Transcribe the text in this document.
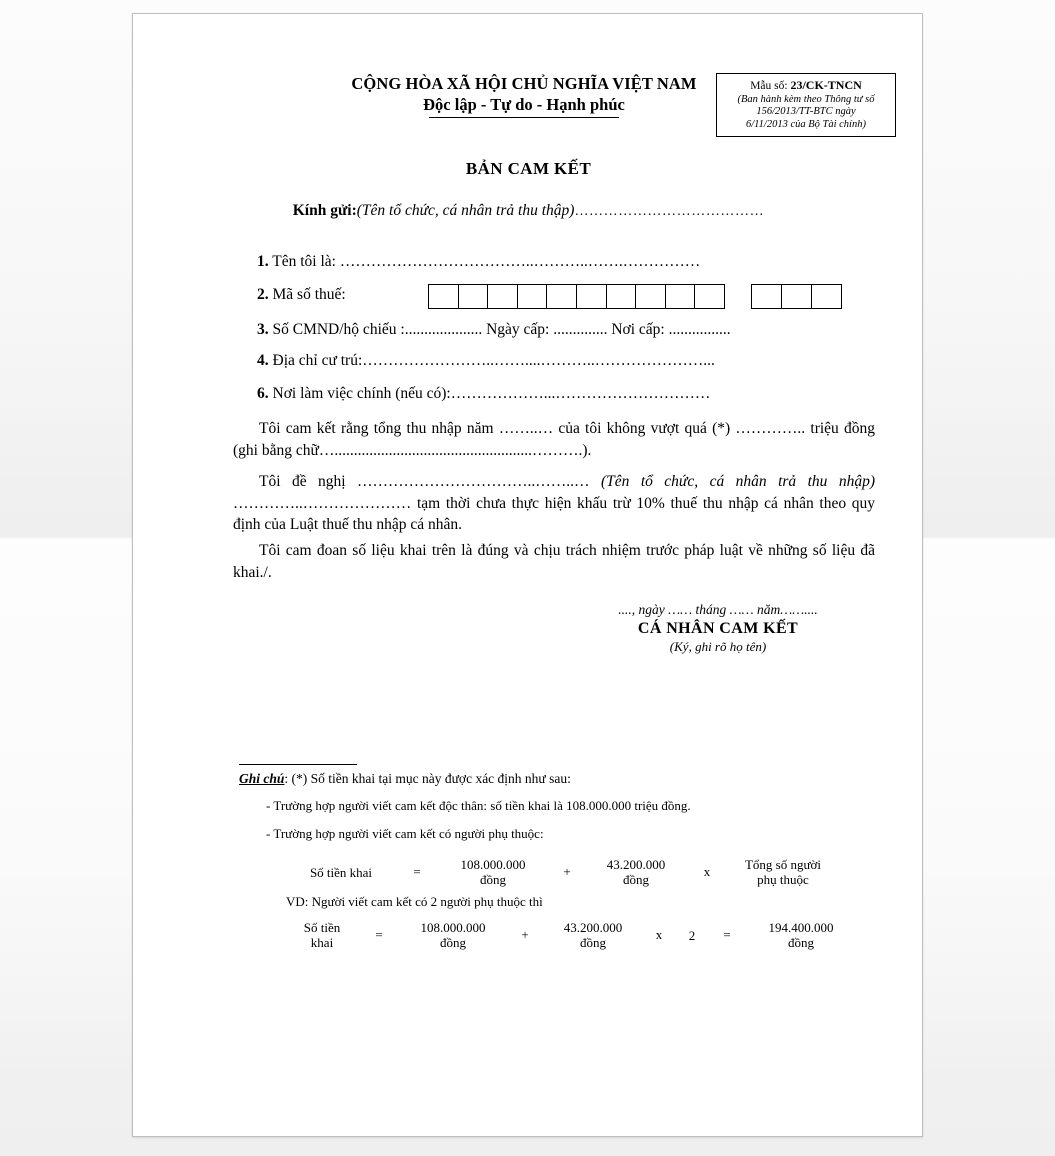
CỘNG HÒA XÃ HỘI CHỦ NGHĨA VIỆT NAM
Độc lập - Tự do - Hạnh phúc
Mẫu số: 23/CK-TNCN
(Ban hành kèm theo Thông tư số
156/2013/TT-BTC ngày
6/11/2013 của Bộ Tài chính)
BẢN CAM KẾT
Kính gửi:(Tên tổ chức, cá nhân trả thu thập)…………………………………
1. Tên tôi là: ………………………………..………..…….……………
2. Mã số thuế:
3. Số CMND/hộ chiếu :.................... Ngày cấp: .............. Nơi cấp: ................
4. Địa chỉ cư trú:……………………..……....………..…………………...
6. Nơi làm việc chính (nếu có):………………...…………………………
Tôi cam kết rằng tổng thu nhập năm ……..… của tôi không vượt quá (*) ………….. triệu đồng (ghi bằng chữ…...................................................……….).
Tôi đề nghị ……………………………..……..… (Tên tổ chức, cá nhân trả thu nhập) …………..………………… tạm thời chưa thực hiện khấu trừ 10% thuế thu nhập cá nhân theo quy định của Luật thuế thu nhập cá nhân.
Tôi cam đoan số liệu khai trên là đúng và chịu trách nhiệm trước pháp luật về những số liệu đã khai./.
...., ngày …… tháng …… năm……....
CÁ NHÂN CAM KẾT
(Ký, ghi rõ họ tên)
Ghi chú: (*) Số tiền khai tại mục này được xác định như sau:
- Trường hợp người viết cam kết độc thân: số tiền khai là 108.000.000 triệu đồng.
- Trường hợp người viết cam kết có người phụ thuộc:
Số tiền khai	=	108.000.000
đồng
+	43.200.000
đồng
x	Tổng số người
phụ thuộc
VD: Người viết cam kết có 2 người phụ thuộc thì
Số tiền
khai
=	108.000.000
đồng
+	43.200.000
đồng
x	2	=	194.400.000
đồng
